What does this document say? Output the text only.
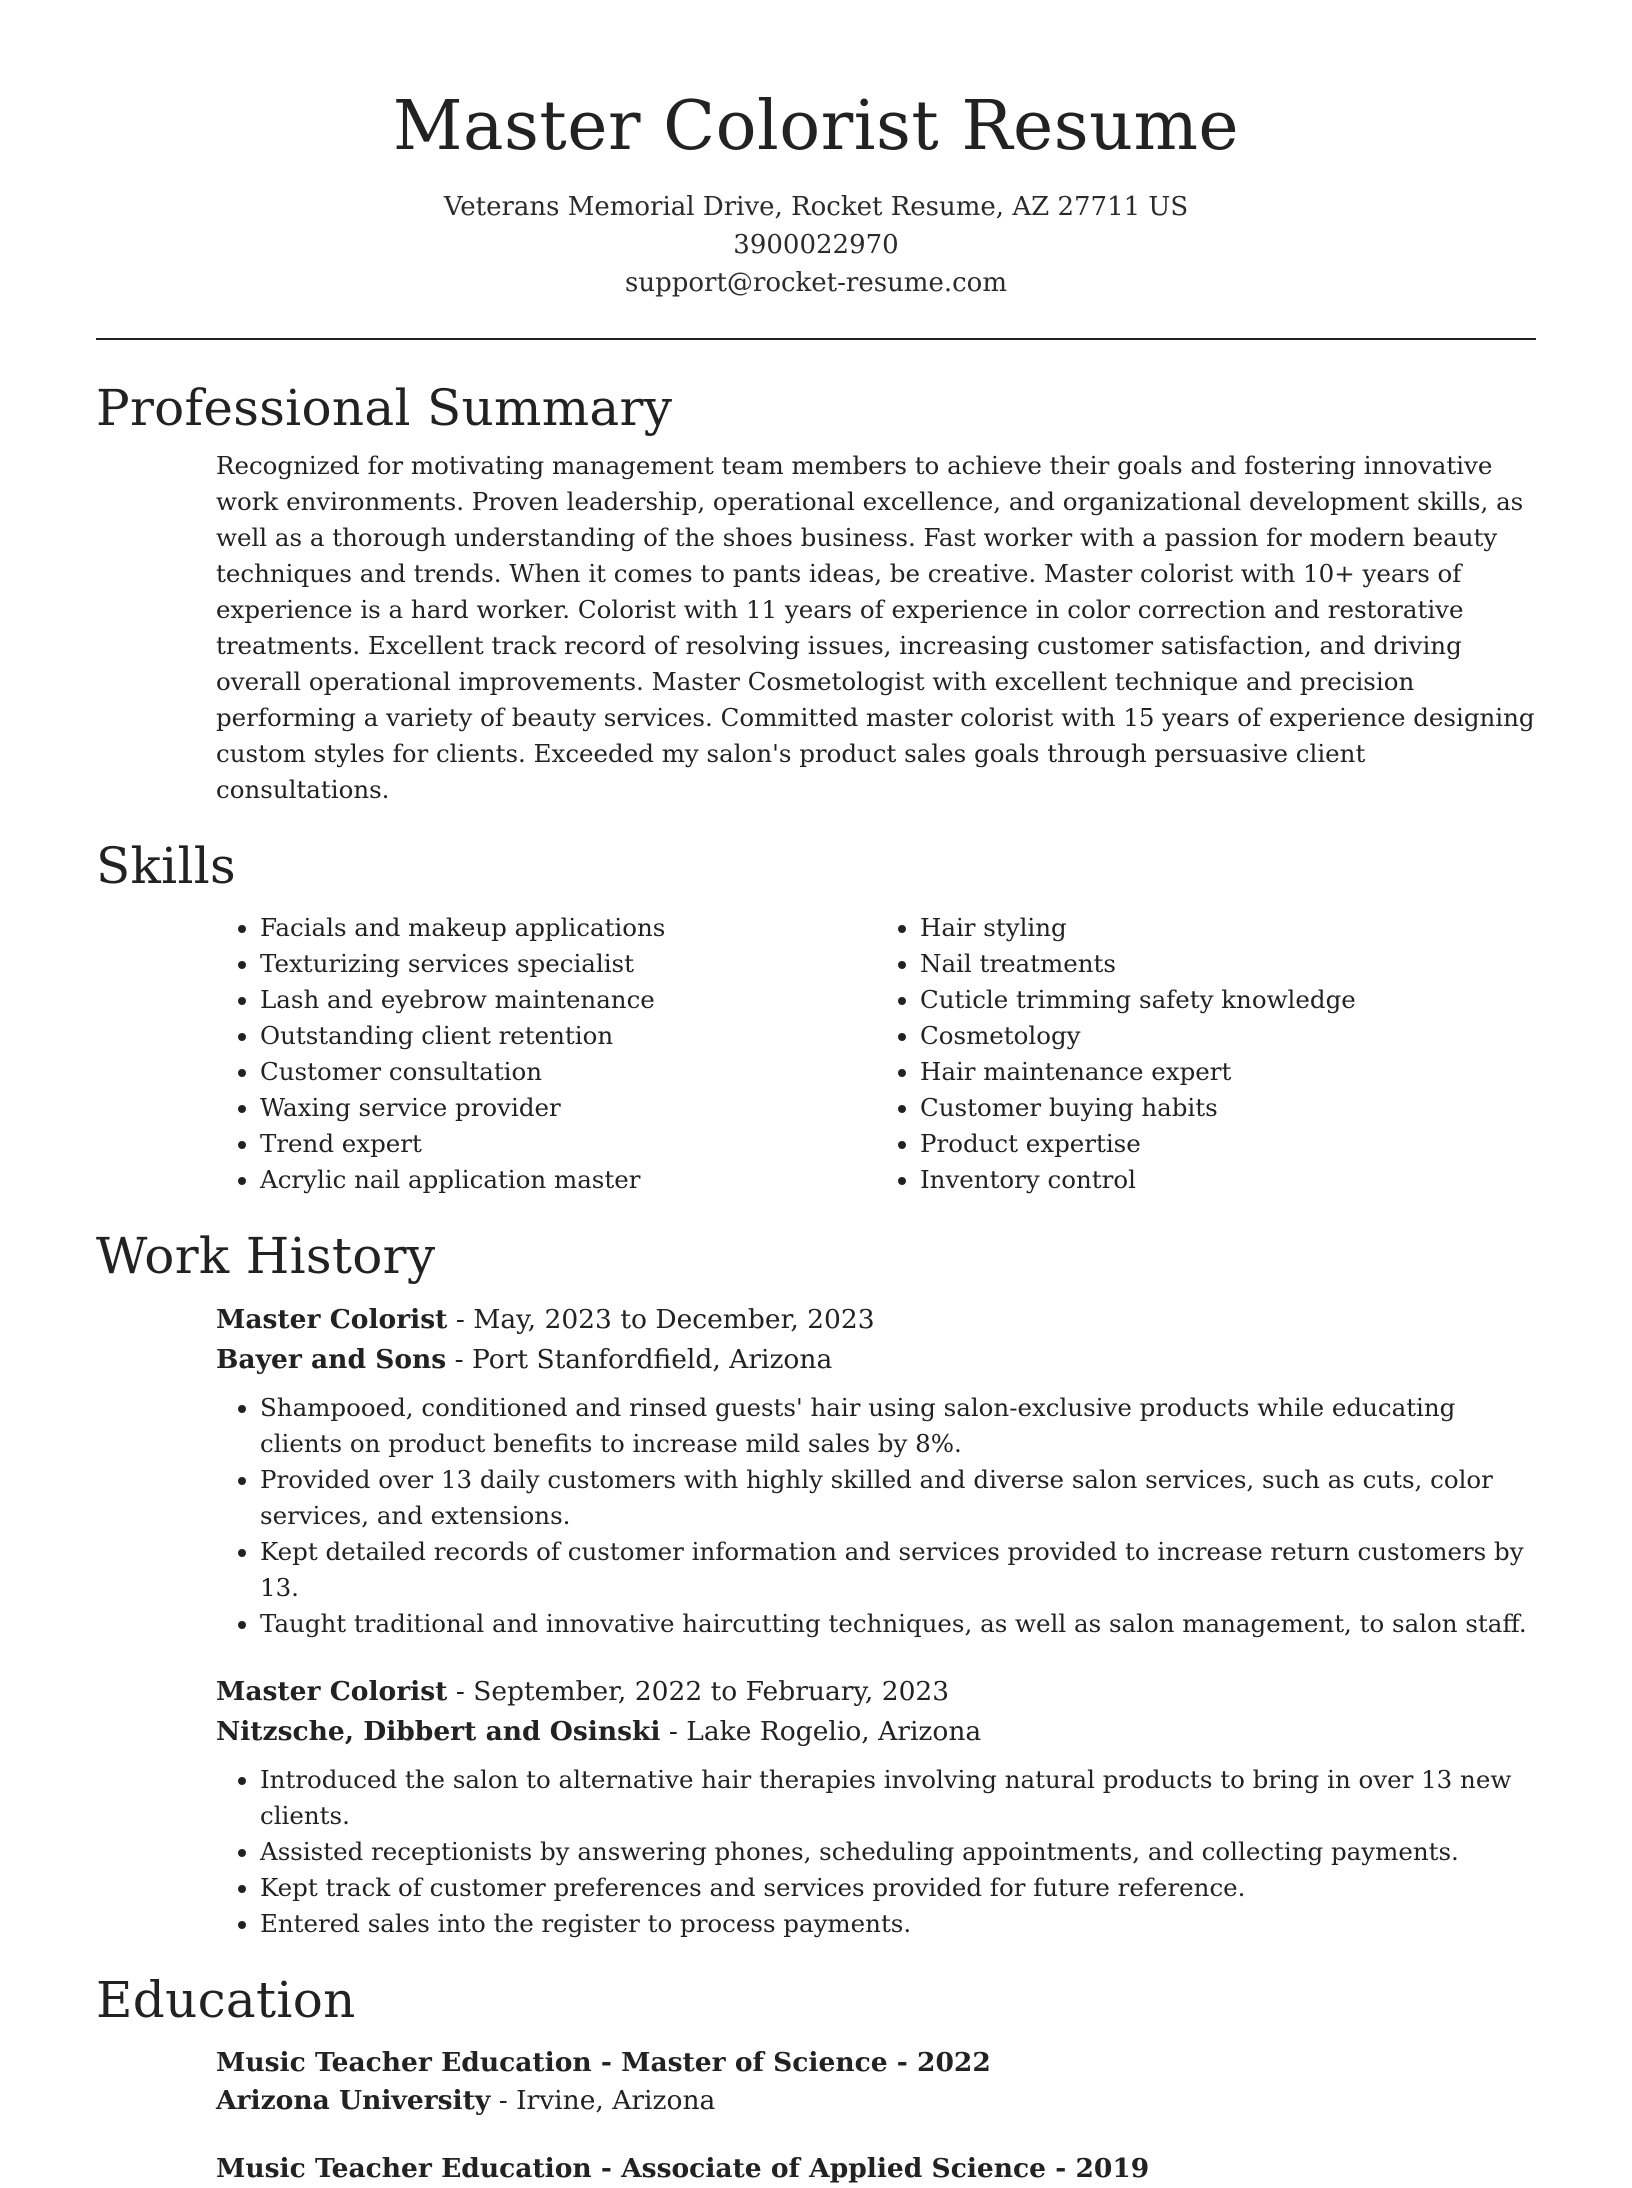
Master Colorist Resume
Veterans Memorial Drive, Rocket Resume, AZ 27711 US
3900022970
support@rocket-resume.com
Professional Summary
Recognized for motivating management team members to achieve their goals and fostering innovative work environments. Proven leadership, operational excellence, and organizational development skills, as well as a thorough understanding of the shoes business. Fast worker with a passion for modern beauty techniques and trends. When it comes to pants ideas, be creative. Master colorist with 10+ years of experience is a hard worker. Colorist with 11 years of experience in color correction and restorative treatments. Excellent track record of resolving issues, increasing customer satisfaction, and driving overall operational improvements. Master Cosmetologist with excellent technique and precision performing a variety of beauty services. Committed master colorist with 15 years of experience designing custom styles for clients. Exceeded my salon's product sales goals through persuasive client consultations.
Skills
• Facials and makeup applications
• Texturizing services specialist
• Lash and eyebrow maintenance
• Outstanding client retention
• Customer consultation
• Waxing service provider
• Trend expert
• Acrylic nail application master
• Hair styling
• Nail treatments
• Cuticle trimming safety knowledge
• Cosmetology
• Hair maintenance expert
• Customer buying habits
• Product expertise
• Inventory control
Work History
Master Colorist - May, 2023 to December, 2023
Bayer and Sons - Port Stanfordfield, Arizona
• Shampooed, conditioned and rinsed guests' hair using salon-exclusive products while educating clients on product benefits to increase mild sales by 8%.
• Provided over 13 daily customers with highly skilled and diverse salon services, such as cuts, color services, and extensions.
• Kept detailed records of customer information and services provided to increase return customers by 13.
• Taught traditional and innovative haircutting techniques, as well as salon management, to salon staff.
Master Colorist - September, 2022 to February, 2023
Nitzsche, Dibbert and Osinski - Lake Rogelio, Arizona
• Introduced the salon to alternative hair therapies involving natural products to bring in over 13 new clients.
• Assisted receptionists by answering phones, scheduling appointments, and collecting payments.
• Kept track of customer preferences and services provided for future reference.
• Entered sales into the register to process payments.
Education
Music Teacher Education - Master of Science - 2022
Arizona University - Irvine, Arizona
Music Teacher Education - Associate of Applied Science - 2019
